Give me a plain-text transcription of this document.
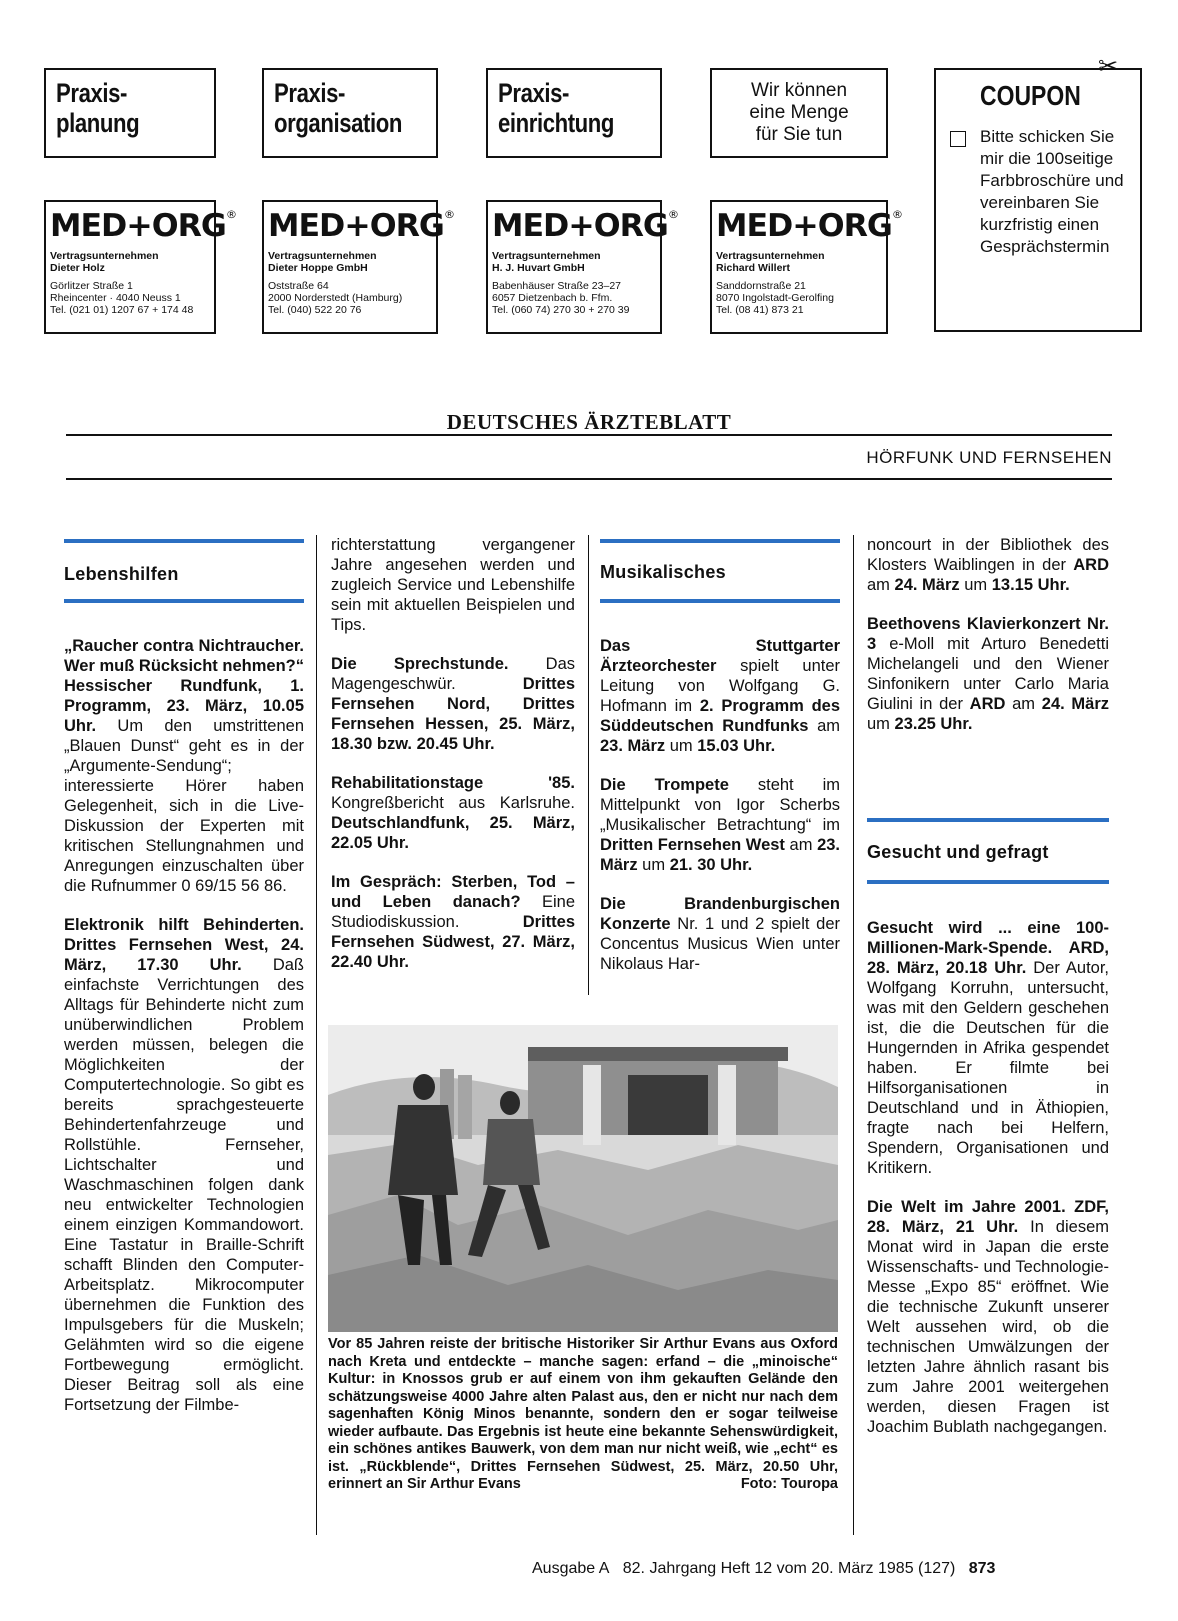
Praxis-
planung
Praxis-
organisation
Praxis-
einrichtung
Wir können
eine Menge
für Sie tun
MED+ORG®
Vertragsunternehmen
Dieter Holz
Görlitzer Straße 1
Rheincenter · 4040 Neuss 1
Tel. (021 01) 1207 67 + 174 48
MED+ORG®
Vertragsunternehmen
Dieter Hoppe GmbH
Oststraße 64
2000 Norderstedt (Hamburg)
Tel. (040) 522 20 76
MED+ORG®
Vertragsunternehmen
H. J. Huvart GmbH
Babenhäuser Straße 23–27
6057 Dietzenbach b. Ffm.
Tel. (060 74) 270 30 + 270 39
MED+ORG®
Vertragsunternehmen
Richard Willert
Sanddornstraße 21
8070 Ingolstadt-Gerolfing
Tel. (08 41) 873 21
COUPON
Bitte schicken Sie mir die 100seitige Farbbroschüre und vereinbaren Sie kurzfristig einen Gesprächstermin
✂
DEUTSCHES ÄRZTEBLATT
HÖRFUNK UND FERNSEHEN
Lebenshilfen

„Raucher contra Nichtraucher. Wer muß Rücksicht nehmen?“ Hessischer Rundfunk, 1. Programm, 23. März, 10.05 Uhr. Um den umstrittenen „Blauen Dunst“ geht es in der „Argumente-Sendung“; interessierte Hörer haben Gelegenheit, sich in die Live-Diskussion der Experten mit kritischen Stellungnahmen und Anregungen einzuschalten über die Rufnummer 0 69/15 56 86.

Elektronik hilft Behinderten. Drittes Fernsehen West, 24. März, 17.30 Uhr. Daß einfachste Verrichtungen des Alltags für Behinderte nicht zum unüberwindlichen Problem werden müssen, belegen die Möglichkeiten der Computertechnologie. So gibt es bereits sprachgesteuerte Behindertenfahrzeuge und Rollstühle. Fernseher, Lichtschalter und Waschmaschinen folgen dank neu entwickelter Technologien einem einzigen Kommandowort. Eine Tastatur in Braille-Schrift schafft Blinden den Computer-Arbeitsplatz. Mikrocomputer übernehmen die Funktion des Impulsgebers für die Muskeln; Gelähmten wird so die eigene Fortbewegung ermöglicht. Dieser Beitrag soll als eine Fortsetzung der Filmbe-

richterstattung vergangener Jahre angesehen werden und zugleich Service und Lebenshilfe sein mit aktuellen Beispielen und Tips.

Die Sprechstunde. Das Magengeschwür. Drittes Fernsehen Nord, Drittes Fernsehen Hessen, 25. März, 18.30 bzw. 20.45 Uhr.

Rehabilitationstage '85. Kongreßbericht aus Karlsruhe. Deutschlandfunk, 25. März, 22.05 Uhr.

Im Gespräch: Sterben, Tod – und Leben danach? Eine Studiodiskussion. Drittes Fernsehen Südwest, 27. März, 22.40 Uhr.

Musikalisches

Das Stuttgarter Ärzteorchester spielt unter Leitung von Wolfgang G. Hofmann im 2. Programm des Süddeutschen Rundfunks am 23. März um 15.03 Uhr.

Die Trompete steht im Mittelpunkt von Igor Scherbs „Musikalischer Betrachtung“ im Dritten Fernsehen West am 23. März um 21. 30 Uhr.

Die Brandenburgischen Konzerte Nr. 1 und 2 spielt der Concentus Musicus Wien unter Nikolaus Har-

noncourt in der Bibliothek des Klosters Waiblingen in der ARD am 24. März um 13.15 Uhr.

Beethovens Klavierkonzert Nr. 3 e-Moll mit Arturo Benedetti Michelangeli und den Wiener Sinfonikern unter Carlo Maria Giulini in der ARD am 24. März um 23.25 Uhr.

Gesucht und gefragt

Gesucht wird ... eine 100-Millionen-Mark-Spende. ARD, 28. März, 20.18 Uhr. Der Autor, Wolfgang Korruhn, untersucht, was mit den Geldern geschehen ist, die die Deutschen für die Hungernden in Afrika gespendet haben. Er filmte bei Hilfsorganisationen in Deutschland und in Äthiopien, fragte nach bei Helfern, Spendern, Organisationen und Kritikern.

Die Welt im Jahre 2001. ZDF, 28. März, 21 Uhr. In diesem Monat wird in Japan die erste Wissenschafts- und Technologie-Messe „Expo 85“ eröffnet. Wie die technische Zukunft unserer Welt aussehen wird, ob die technischen Umwälzungen der letzten Jahre ähnlich rasant bis zum Jahre 2001 weitergehen werden, diesen Fragen ist Joachim Bublath nachgegangen.

Vor 85 Jahren reiste der britische Historiker Sir Arthur Evans aus Oxford nach Kreta und entdeckte – manche sagen: erfand – die „minoische“ Kultur: in Knossos grub er auf einem von ihm gekauften Gelände den schätzungsweise 4000 Jahre alten Palast aus, den er nicht nur nach dem sagenhaften König Minos benannte, sondern den er sogar teilweise wieder aufbaute. Das Ergebnis ist heute eine bekannte Sehenswürdigkeit, ein schönes antikes Bauwerk, von dem man nur nicht weiß, wie „echt“ es ist. „Rückblende“, Drittes Fernsehen Südwest, 25. März, 20.50 Uhr, erinnert an Sir Arthur Evans	Foto: Touropa
Ausgabe A 82. Jahrgang Heft 12 vom 20. März 1985 (127) 873
